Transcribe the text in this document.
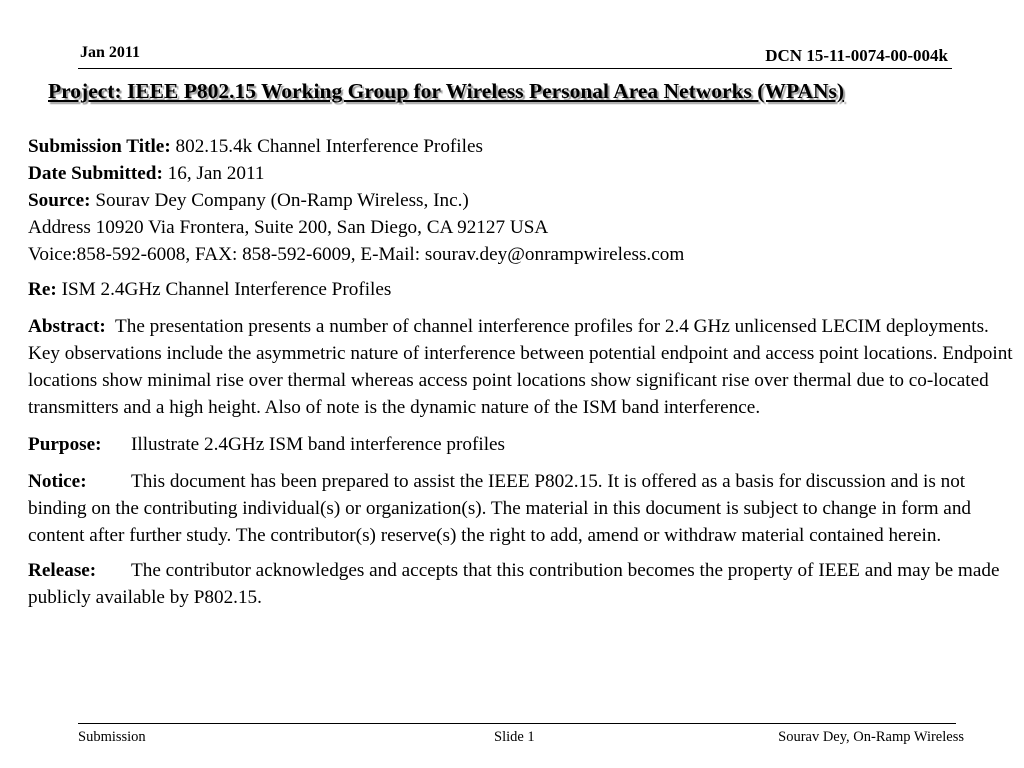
Jan 2011	DCN 15-11-0074-00-004k
Project: IEEE P802.15 Working Group for Wireless Personal Area Networks (WPANs)

Submission Title: 802.15.4k Channel Interference Profiles

Date Submitted: 16, Jan 2011

Source: Sourav Dey Company (On-Ramp Wireless, Inc.)

Address 10920 Via Frontera, Suite 200, San Diego, CA 92127 USA

Voice:858-592-6008, FAX: 858-592-6009, E-Mail: sourav.dey@onrampwireless.com

Re: ISM 2.4GHz Channel Interference Profiles

Abstract: The presentation presents a number of channel interference profiles for 2.4 GHz unlicensed LECIM deployments. Key observations include the asymmetric nature of interference between potential endpoint and access point locations. Endpoint locations show minimal rise over thermal whereas access point locations show significant rise over thermal due to co-located transmitters and a high height. Also of note is the dynamic nature of the ISM band interference.

Purpose: Illustrate 2.4GHz ISM band interference profiles

Notice: This document has been prepared to assist the IEEE P802.15. It is offered as a basis for discussion and is not binding on the contributing individual(s) or organization(s). The material in this document is subject to change in form and content after further study. The contributor(s) reserve(s) the right to add, amend or withdraw material contained herein.

Release: The contributor acknowledges and accepts that this contribution becomes the property of IEEE and may be made publicly available by P802.15.

Submission	Slide 1	Sourav Dey, On-Ramp Wireless
